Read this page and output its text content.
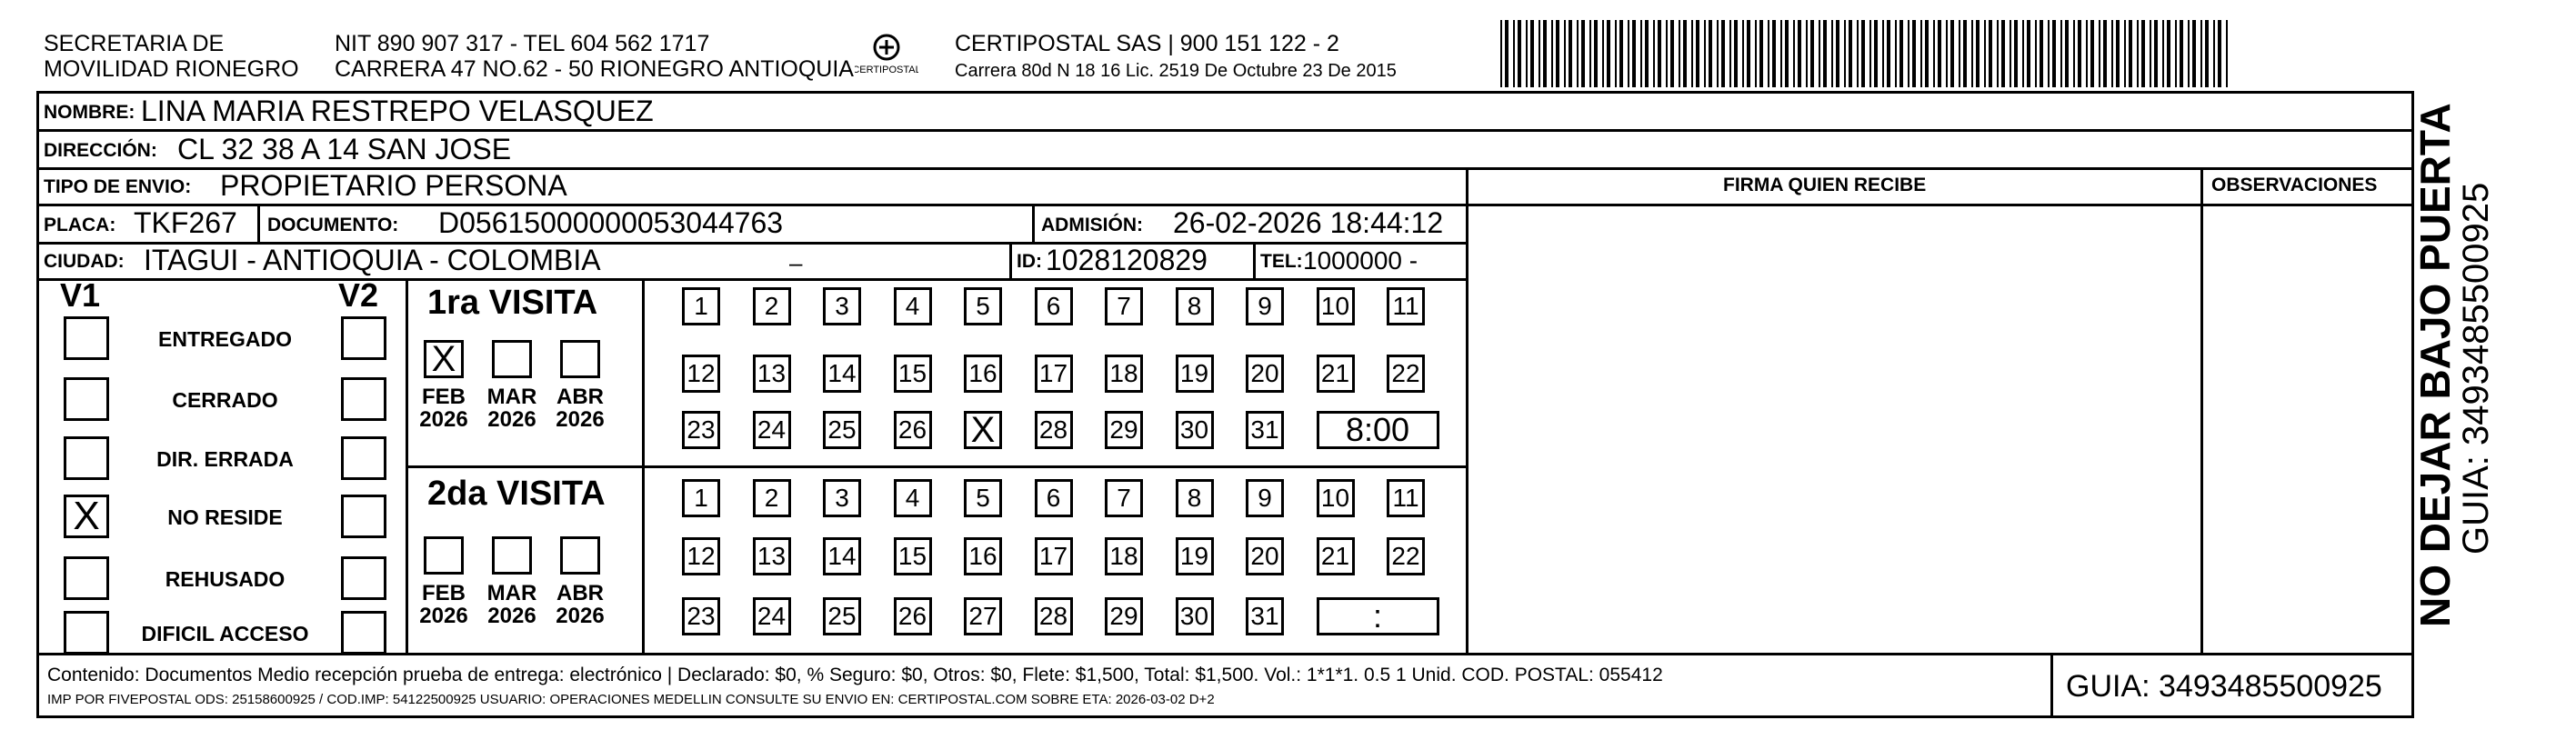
SECRETARIA DE
MOVILIDAD RIONEGRO
NIT 890 907 317 - TEL 604 562 1717
CARRERA 47 NO.62 - 50 RIONEGRO ANTIOQUIA
CERTIPOSTAL
CERTIPOSTAL SAS | 900 151 122 - 2
Carrera 80d N 18 16 Lic. 2519 De Octubre 23 De 2015
FIRMA QUIEN RECIBE	OBSERVACIONES
NOMBRE: LINA MARIA RESTREPO VELASQUEZ
DIRECCIÓN: CL 32 38 A 14 SAN JOSE
TIPO DE ENVIO: PROPIETARIO PERSONA
PLACA: TKF267 DOCUMENTO: D05615000000053044763	ADMISIÓN: 26-02-2026 18:44:12
CIUDAD: ITAGUI - ANTIOQUIA - COLOMBIA	–	ID: 1028120829	TEL: 1000000 -
V1	V2
ENTREGADO
CERRADO
DIR. ERRADA
X	NO RESIDE
REHUSADO
DIFICIL ACCESO
1ra VISITA
2da VISITA
X
FEB
2026
MAR
2026
ABR
2026
FEB
2026
MAR
2026
ABR
2026
1	2	3	4	5	6	7	8	9	10 11
12 13 14 15 16 17 18 19 20 21 22
23 24 25 26 X 28 29 30 31	8:00
1	2	3	4	5	6	7	8	9	10 11
12 13 14 15 16 17 18 19 20 21 22
23 24 25 26 27 28 29 30 31	:
Contenido: Documentos Medio recepción prueba de entrega: electrónico | Declarado: $0, % Seguro: $0, Otros: $0, Flete: $1,500, Total: $1,500. Vol.: 1*1*1. 0.5 1 Unid. COD. POSTAL: 055412
IMP POR FIVEPOSTAL ODS: 25158600925 / COD.IMP: 54122500925 USUARIO: OPERACIONES MEDELLIN CONSULTE SU ENVIO EN: CERTIPOSTAL.COM SOBRE ETA: 2026-03-02 D+2	GUIA: 3493485500925
NO DEJAR BAJO PUERTA
GUIA: 3493485500925
